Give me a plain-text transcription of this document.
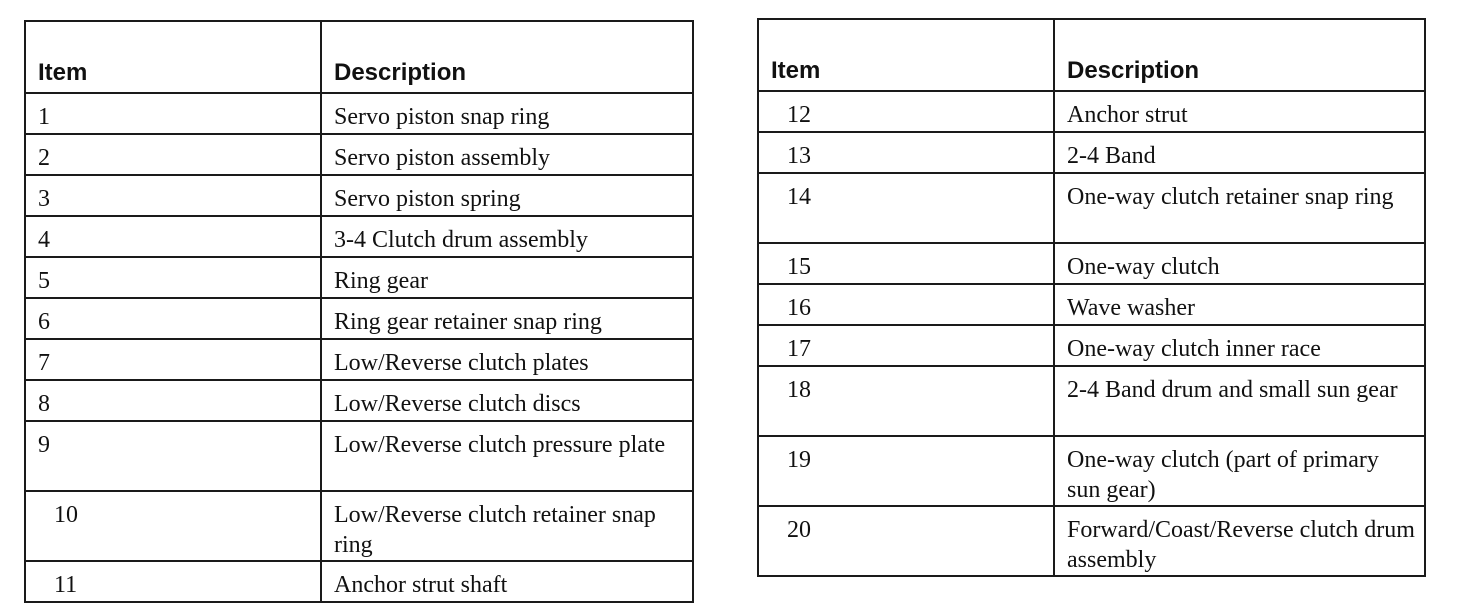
Item	Description
1	Servo piston snap ring
2	Servo piston assembly
3	Servo piston spring
4	3-4 Clutch drum assembly
5	Ring gear
6	Ring gear retainer snap ring
7	Low/Reverse clutch plates
8	Low/Reverse clutch discs
9	Low/Reverse clutch pressure plate
10	Low/Reverse clutch retainer snap ring
11	Anchor strut shaft
Item	Description
12	Anchor strut
13	2-4 Band
14	One-way clutch retainer snap ring
15	One-way clutch
16	Wave washer
17	One-way clutch inner race
18	2-4 Band drum and small sun gear
19	One-way clutch (part of primary sun gear)
20	Forward/Coast/Reverse clutch drum assembly
